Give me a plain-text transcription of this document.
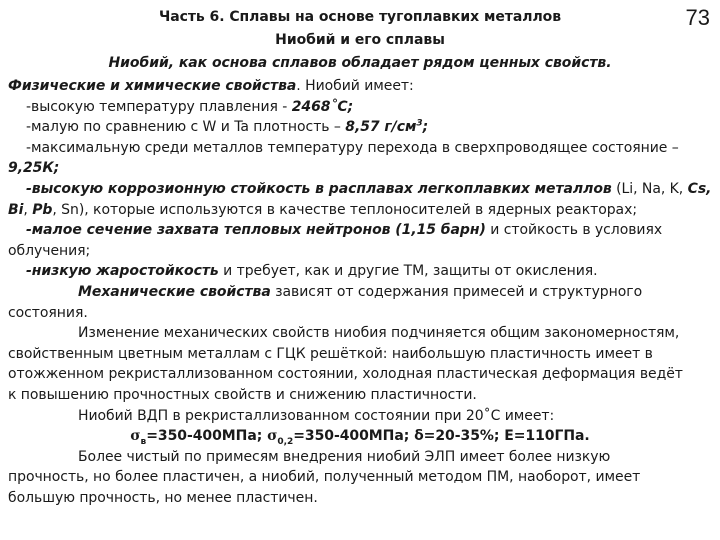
73
Часть 6. Сплавы на основе тугоплавких металлов
Ниобий и его сплавы
Ниобий, как основа сплавов обладает рядом ценных свойств.
Физические и химические свойства. Ниобий имеет:
-высокую температуру плавления - 2468˚C;
-малую по сравнению с W и Ta плотность – 8,57 $г/см^3$;
-максимальную среди металлов температуру перехода в сверхпроводящее состояние –
9,25К;
-высокую коррозионную стойкость в расплавах легкоплавких металлов (Li, Na, K, Cs,
Bi, Pb, Sn), которые используются в качестве теплоносителей в ядерных реакторах;
-малое сечение захвата тепловых нейтронов (1,15 барн) и стойкость в условиях
облучения;
-низкую жаростойкость и требует, как и другие ТМ, защиты от окисления.
Механические свойства зависят от содержания примесей и структурного
состояния.
Изменение механических свойств ниобия подчиняется общим закономерностям,
свойственным цветным металлам с ГЦК решёткой: наибольшую пластичность имеет в
отожженном рекристаллизованном состоянии, холодная пластическая деформация ведёт
к повышению прочностных свойств и снижению пластичности.
Ниобий ВДП в рекристаллизованном состоянии при 20˚C имеет:
$\sigma_в=350-400МПа$; $\sigma_{0,2}=350-400МПа$; δ=20-35%; E=110ГПа.
Более чистый по примесям внедрения ниобий ЭЛП имеет более низкую
прочность, но более пластичен, а ниобий, полученный методом ПМ, наоборот, имеет
большую прочность, но менее пластичен.
